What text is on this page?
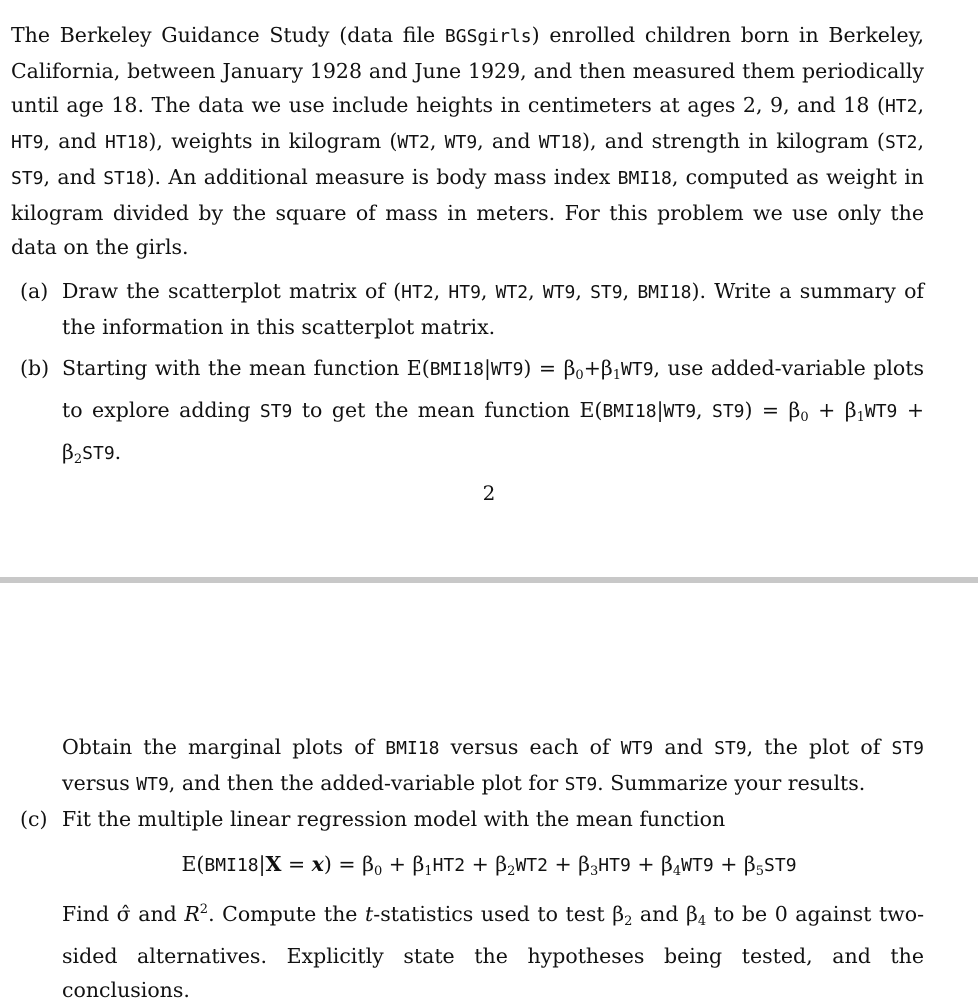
The Berkeley Guidance Study (data file BGSgirls) enrolled children born in Berkeley, California, between January 1928 and June 1929, and then measured them periodically until age 18. The data we use include heights in centimeters at ages 2, 9, and 18 (HT2, HT9, and HT18), weights in kilogram (WT2, WT9, and WT18), and strength in kilogram (ST2, ST9, and ST18). An additional measure is body mass index BMI18, computed as weight in kilogram divided by the square of mass in meters. For this problem we use only the data on the girls.
(a) Draw the scatterplot matrix of (HT2, HT9, WT2, WT9, ST9, BMI18). Write a summary of the information in this scatterplot matrix.
(b) Starting with the mean function $E(BMI18|WT9) = \beta_0+\beta_1WT9$, use added-variable plots to explore adding ST9 to get the mean function E(BMI18|WT9, $ST9) = \beta_0 + \beta_1WT9 + \beta_2ST9$.
2
Obtain the marginal plots of BMI18 versus each of WT9 and ST9, the plot of ST9 versus WT9, and then the added-variable plot for ST9. Summarize your results.
(c) Fit the multiple linear regression model with the mean function
$E(BMI18|X = x) = \beta_0 + \beta_1HT2 + \beta_2WT2 + \beta_3HT9 + \beta_4WT9 + \beta_5ST9$
Find σ̂ and $R^2$. Compute the t-statistics used to test $\beta_2$ and $\beta_4$ to be 0 against two-sided alternatives. Explicitly state the hypotheses being tested, and the conclusions.
